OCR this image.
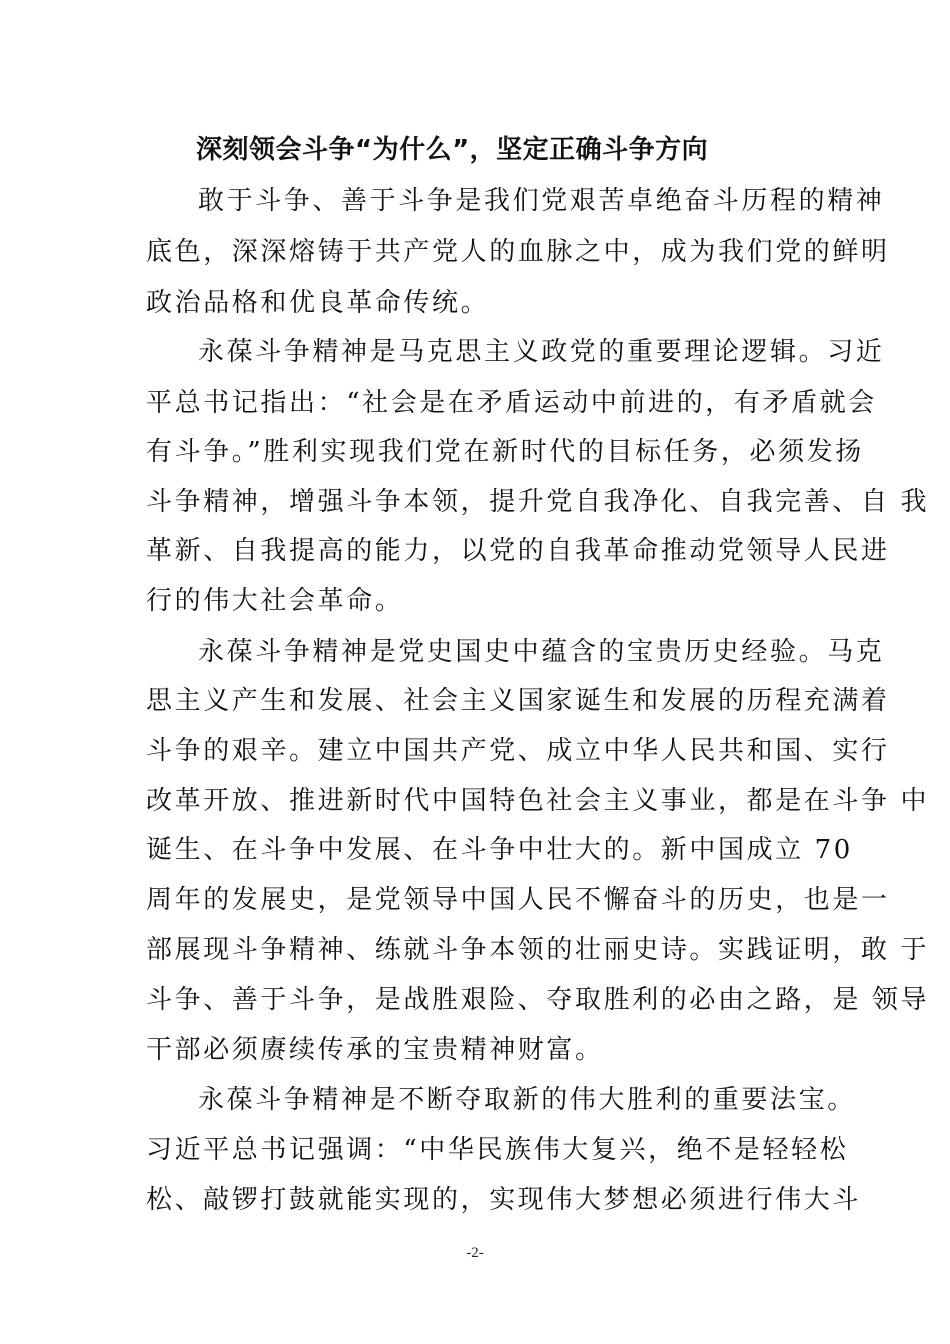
深刻领会斗争“为什么”，坚定正确斗争方向
敢于斗争、善于斗争是我们党艰苦卓绝奋斗历程的精神
底色，深深熔铸于共产党人的血脉之中，成为我们党的鲜明
政治品格和优良革命传统。
永葆斗争精神是马克思主义政党的重要理论逻辑。习近
平总书记指出：“社会是在矛盾运动中前进的，有矛盾就会
有斗争。”胜利实现我们党在新时代的目标任务，必须发扬
斗争精神，增强斗争本领，提升党自我净化、自我完善、自 我
革新、自我提高的能力，以党的自我革命推动党领导人民进
行的伟大社会革命。
永葆斗争精神是党史国史中蕴含的宝贵历史经验。马克
思主义产生和发展、社会主义国家诞生和发展的历程充满着
斗争的艰辛。建立中国共产党、成立中华人民共和国、实行
改革开放、推进新时代中国特色社会主义事业，都是在斗争 中
诞生、在斗争中发展、在斗争中壮大的。新中国成立 70
周年的发展史，是党领导中国人民不懈奋斗的历史，也是一
部展现斗争精神、练就斗争本领的壮丽史诗。实践证明，敢 于
斗争、善于斗争，是战胜艰险、夺取胜利的必由之路，是 领导
干部必须赓续传承的宝贵精神财富。
永葆斗争精神是不断夺取新的伟大胜利的重要法宝。
习近平总书记强调：“中华民族伟大复兴，绝不是轻轻松
松、敲锣打鼓就能实现的，实现伟大梦想必须进行伟大斗
-2-
